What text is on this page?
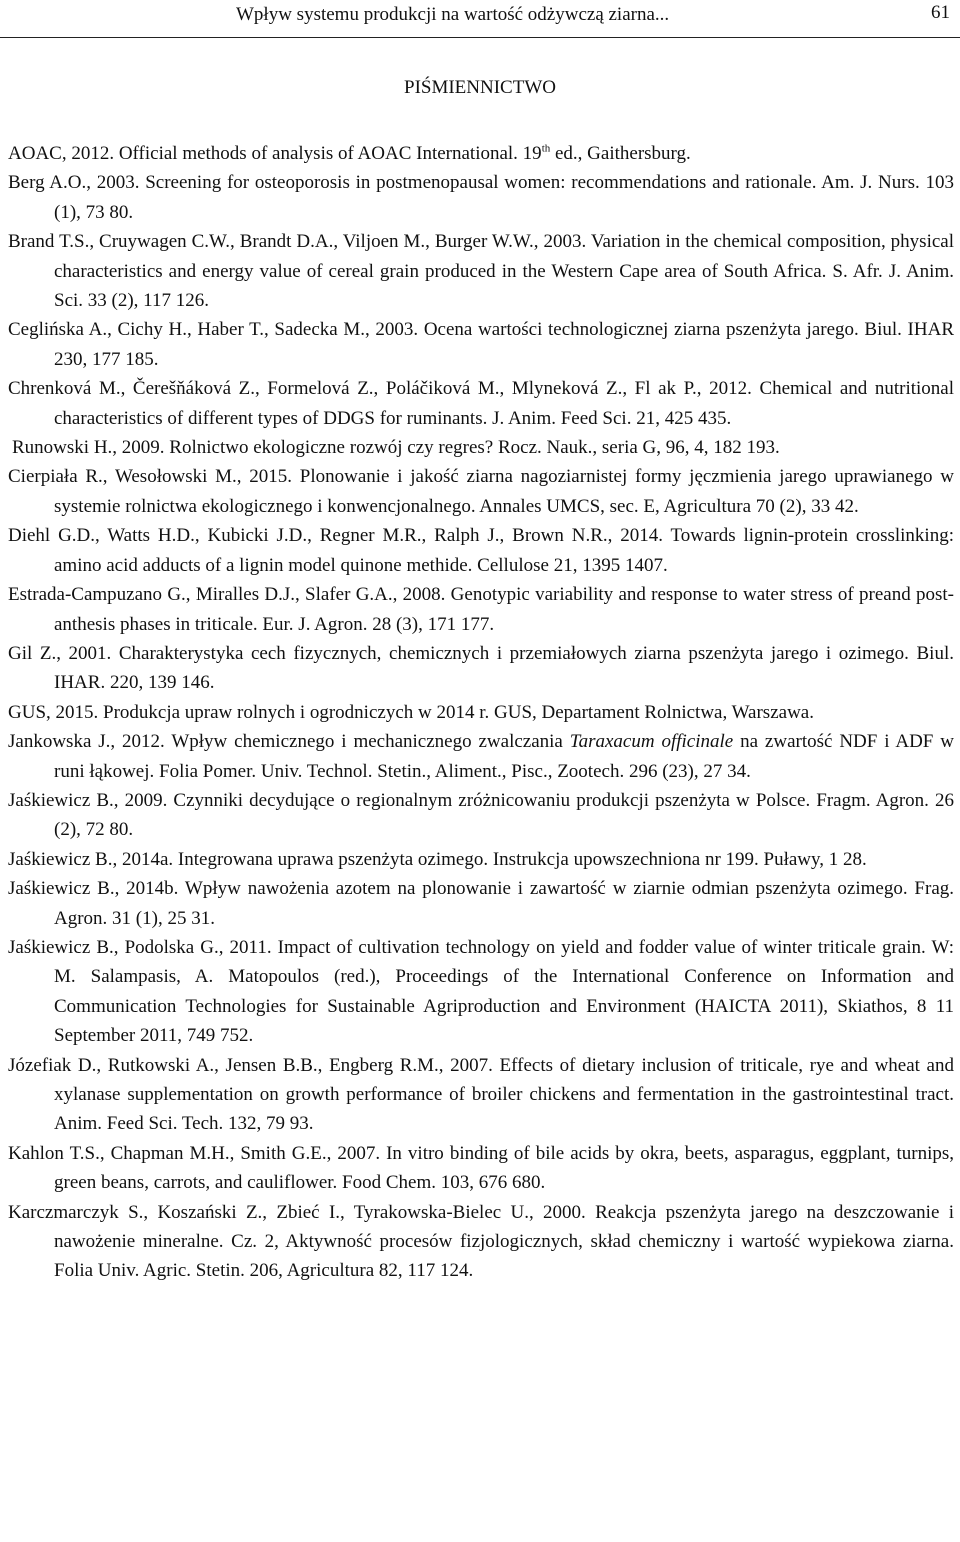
Wpływ systemu produkcji na wartość odżywczą ziarna...	61
PIŚMIENNICTWO
AOAC, 2012. Official methods of analysis of AOAC International. 19th ed., Gaithersburg.
Berg A.O., 2003. Screening for osteoporosis in postmenopausal women: recommendations and rationale. Am. J. Nurs. 103 (1), 73 80.
Brand T.S., Cruywagen C.W., Brandt D.A., Viljoen M., Burger W.W., 2003. Variation in the chemical composition, physical characteristics and energy value of cereal grain produced in the Western Cape area of South Africa. S. Afr. J. Anim. Sci. 33 (2), 117 126.
Ceglińska A., Cichy H., Haber T., Sadecka M., 2003. Ocena wartości technologicznej ziarna pszenżyta jarego. Biul. IHAR 230, 177 185.
Chrenková M., Čerešňáková Z., Formelová Z., Poláčiková M., Mlyneková Z., Fl ak P., 2012. Chemical and nutritional characteristics of different types of DDGS for ruminants. J. Anim. Feed Sci. 21, 425 435.
Runowski H., 2009. Rolnictwo ekologiczne rozwój czy regres? Rocz. Nauk., seria G, 96, 4, 182 193.
Cierpiała R., Wesołowski M., 2015. Plonowanie i jakość ziarna nagoziarnistej formy jęczmienia jarego uprawianego w systemie rolnictwa ekologicznego i konwencjonalnego. Annales UMCS, sec. E, Agricultura 70 (2), 33 42.
Diehl G.D., Watts H.D., Kubicki J.D., Regner M.R., Ralph J., Brown N.R., 2014. Towards lignin-protein crosslinking: amino acid adducts of a lignin model quinone methide. Cellulose 21, 1395 1407.
Estrada-Campuzano G., Miralles D.J., Slafer G.A., 2008. Genotypic variability and response to water stress of preand post-anthesis phases in triticale. Eur. J. Agron. 28 (3), 171 177.
Gil Z., 2001. Charakterystyka cech fizycznych, chemicznych i przemiałowych ziarna pszenżyta jarego i ozimego. Biul. IHAR. 220, 139 146.
GUS, 2015. Produkcja upraw rolnych i ogrodniczych w 2014 r. GUS, Departament Rolnictwa, Warszawa.
Jankowska J., 2012. Wpływ chemicznego i mechanicznego zwalczania Taraxacum officinale na zwartość NDF i ADF w runi łąkowej. Folia Pomer. Univ. Technol. Stetin., Aliment., Pisc., Zootech. 296 (23), 27 34.
Jaśkiewicz B., 2009. Czynniki decydujące o regionalnym zróżnicowaniu produkcji pszenżyta w Polsce. Fragm. Agron. 26 (2), 72 80.
Jaśkiewicz B., 2014a. Integrowana uprawa pszenżyta ozimego. Instrukcja upowszechniona nr 199. Puławy, 1 28.
Jaśkiewicz B., 2014b. Wpływ nawożenia azotem na plonowanie i zawartość w ziarnie odmian pszenżyta ozimego. Frag. Agron. 31 (1), 25 31.
Jaśkiewicz B., Podolska G., 2011. Impact of cultivation technology on yield and fodder value of winter triticale grain. W: M. Salampasis, A. Matopoulos (red.), Proceedings of the International Conference on Information and Communication Technologies for Sustainable Agriproduction and Environment (HAICTA 2011), Skiathos, 8 11 September 2011, 749 752.
Józefiak D., Rutkowski A., Jensen B.B., Engberg R.M., 2007. Effects of dietary inclusion of triticale, rye and wheat and xylanase supplementation on growth performance of broiler chickens and fermentation in the gastrointestinal tract. Anim. Feed Sci. Tech. 132, 79 93.
Kahlon T.S., Chapman M.H., Smith G.E., 2007. In vitro binding of bile acids by okra, beets, asparagus, eggplant, turnips, green beans, carrots, and cauliflower. Food Chem. 103, 676 680.
Karczmarczyk S., Koszański Z., Zbieć I., Tyrakowska-Bielec U., 2000. Reakcja pszenżyta jarego na deszczowanie i nawożenie mineralne. Cz. 2, Aktywność procesów fizjologicznych, skład chemiczny i wartość wypiekowa ziarna. Folia Univ. Agric. Stetin. 206, Agricultura 82, 117 124.
